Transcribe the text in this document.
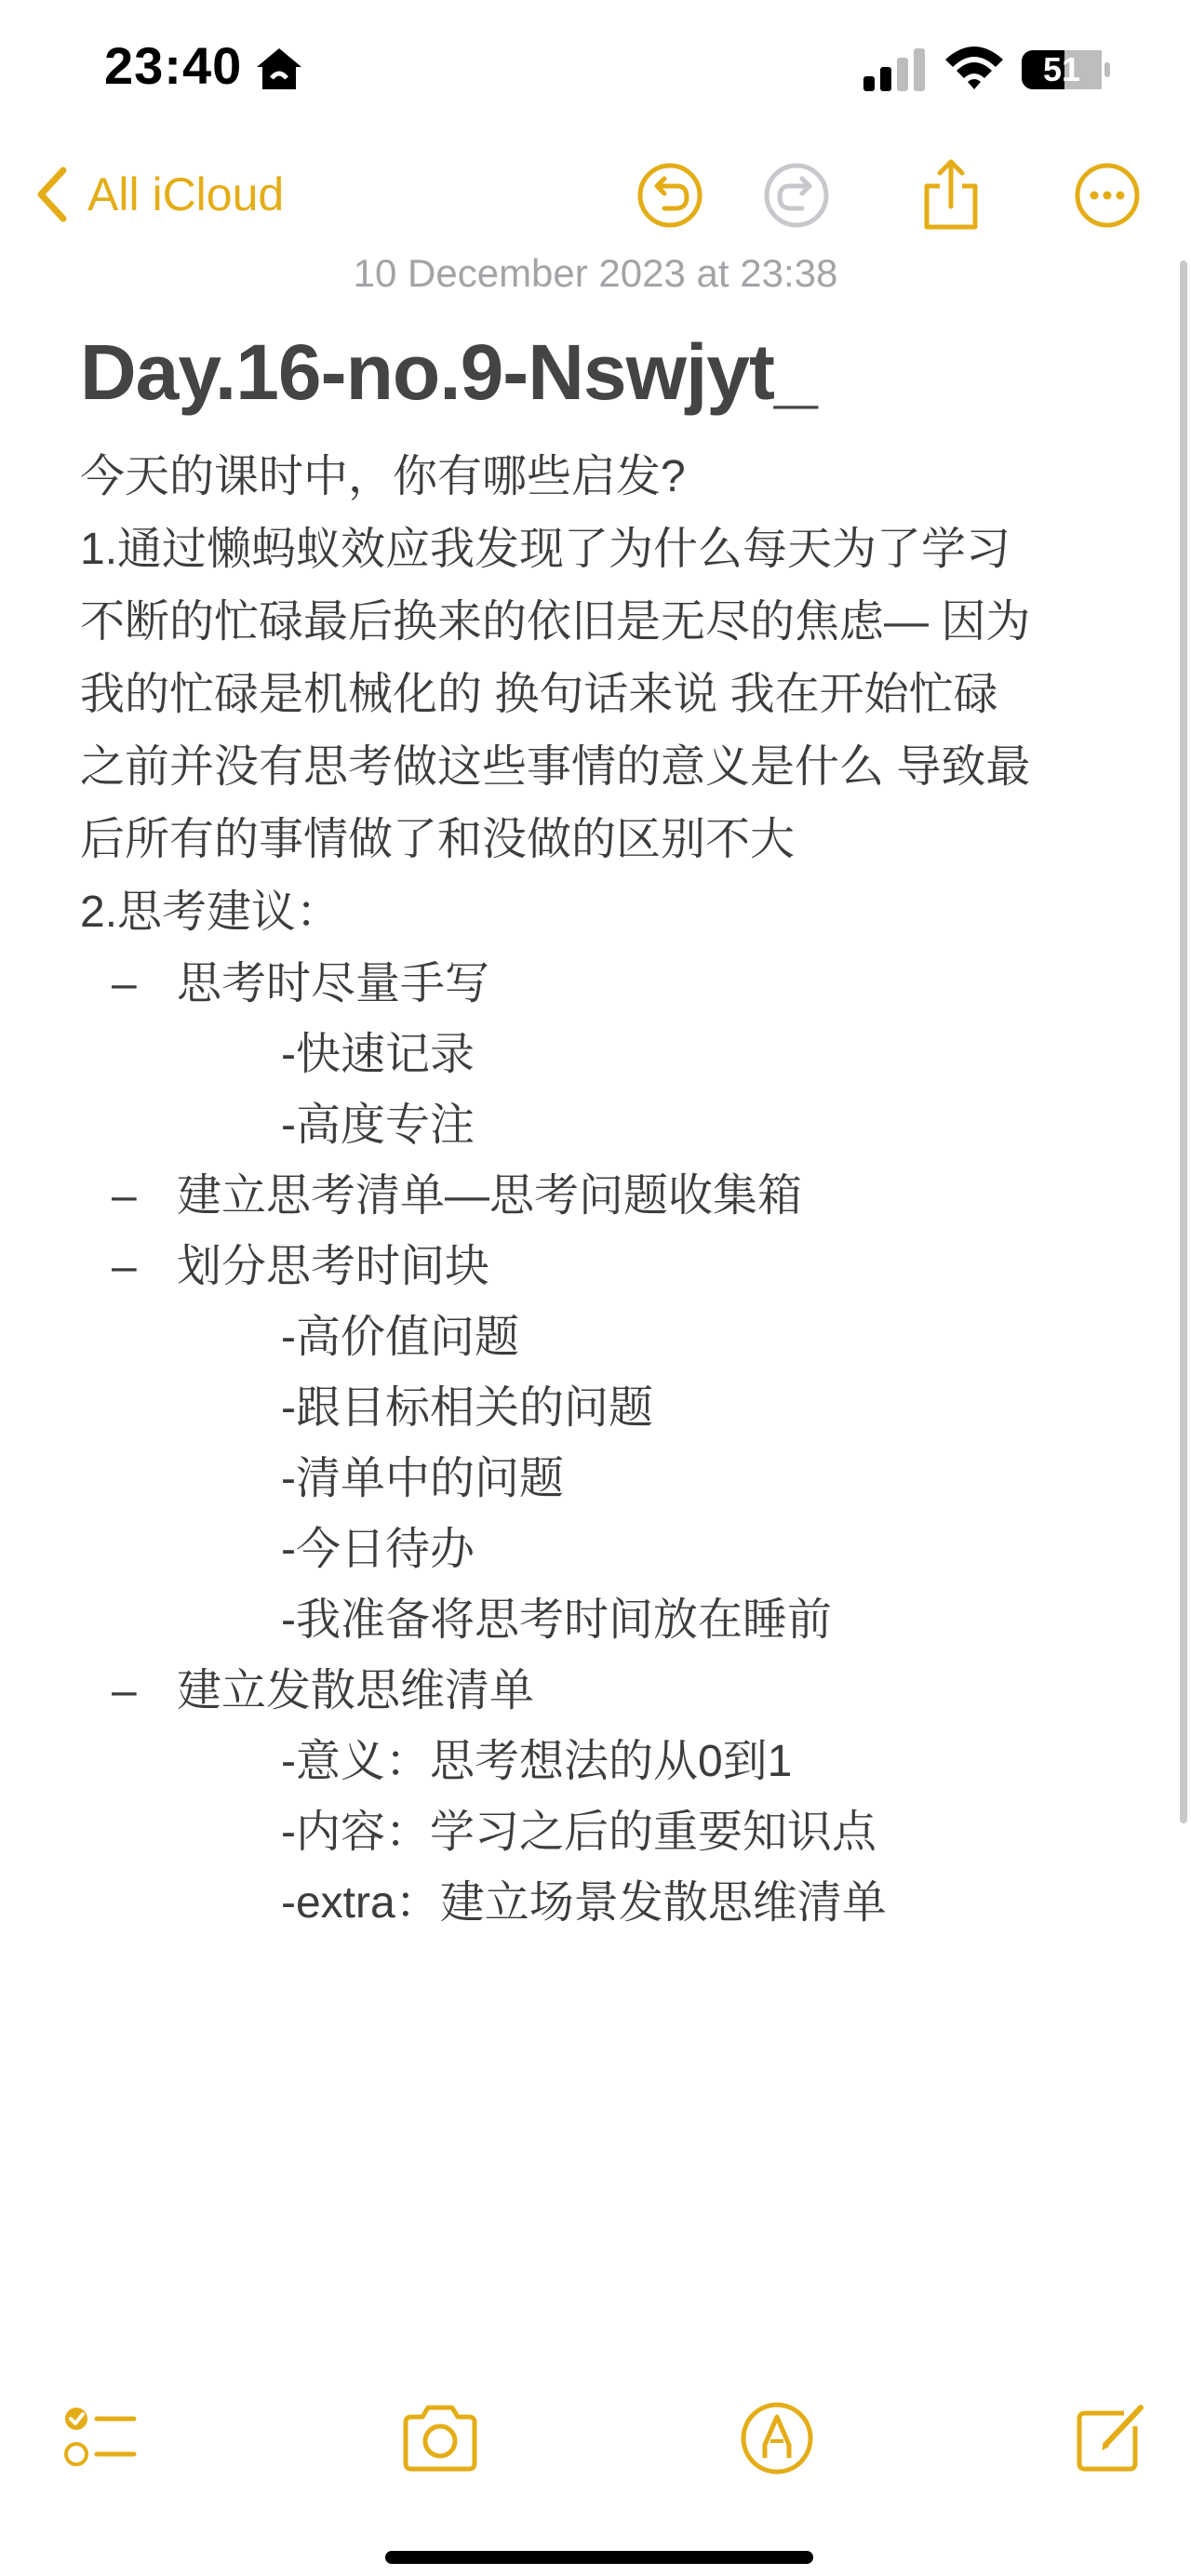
23:40	51
All iCloud
10 December 2023 at 23:38
Day.16-no.9-Nswjyt_
今天的课时中，你有哪些启发?
1.通过懒蚂蚁效应我发现了为什么每天为了学习
不断的忙碌最后换来的依旧是无尽的焦虑— 因为
我的忙碌是机械化的 换句话来说 我在开始忙碌
之前并没有思考做这些事情的意义是什么 导致最
后所有的事情做了和没做的区别不大
2.思考建议：
– 思考时尽量手写
-快速记录
-高度专注
– 建立思考清单—思考问题收集箱
– 划分思考时间块
-高价值问题
-跟目标相关的问题
-清单中的问题
-今日待办
-我准备将思考时间放在睡前
– 建立发散思维清单
-意义：思考想法的从0到1
-内容：学习之后的重要知识点
-extra：建立场景发散思维清单
